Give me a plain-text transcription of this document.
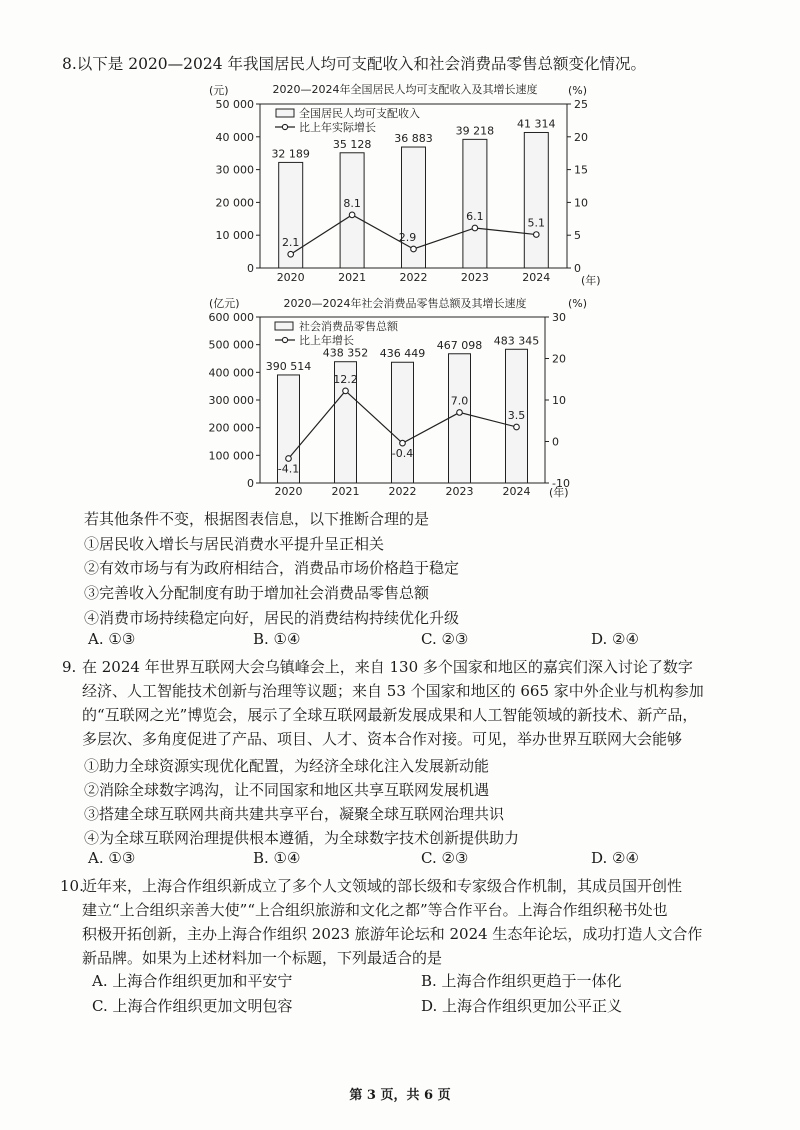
8.以下是 2020—2024 年我国居民人均可支配收入和社会消费品零售总额变化情况。
2020—2024年全国居民人均可支配收入及其增长速度
(元)	(%)
32 189
35 128 36 883
39 218
41 314
0
10 000
20 000
30 000
40 000
50 000
0
5
10
15
20
25
2020	2021	2022	2023	2024	(年)
全国居民人均可支配收入
比上年实际增长
2.1
8.1
2.9
6.1
5.1
2020—2024年社会消费品零售总额及其增长速度
(亿元)	(%)
390 514
438 352 436 449
467 098 483 345
0
100 000
200 000
300 000
400 000
500 000
600 000
-10
0
10
20
30
2020	2021	2022	2023	2024 (年)
社会消费品零售总额
比上年增长
-4.1
12.2
-0.4
7.0
3.5
若其他条件不变，根据图表信息，以下推断合理的是
①居民收入增长与居民消费水平提升呈正相关
②有效市场与有为政府相结合，消费品市场价格趋于稳定
③完善收入分配制度有助于增加社会消费品零售总额
④消费市场持续稳定向好，居民的消费结构持续优化升级
A. ①③	B. ①④	C. ②③	D. ②④
9. 在 2024 年世界互联网大会乌镇峰会上，来自 130 多个国家和地区的嘉宾们深入讨论了数字
经济、人工智能技术创新与治理等议题；来自 53 个国家和地区的 665 家中外企业与机构参加
的“互联网之光”博览会，展示了全球互联网最新发展成果和人工智能领域的新技术、新产品，
多层次、多角度促进了产品、项目、人才、资本合作对接。可见，举办世界互联网大会能够
①助力全球资源实现优化配置，为经济全球化注入发展新动能
②消除全球数字鸿沟，让不同国家和地区共享互联网发展机遇
③搭建全球互联网共商共建共享平台，凝聚全球互联网治理共识
④为全球互联网治理提供根本遵循，为全球数字技术创新提供助力
A. ①③	B. ①④	C. ②③	D. ②④
10.
近年来，上海合作组织新成立了多个人文领域的部长级和专家级合作机制，其成员国开创性
建立“上合组织亲善大使”“上合组织旅游和文化之都”等合作平台。上海合作组织秘书处也
积极开拓创新，主办上海合作组织 2023 旅游年论坛和 2024 生态年论坛，成功打造人文合作
新品牌。如果为上述材料加一个标题，下列最适合的是
A. 上海合作组织更加和平安宁	B. 上海合作组织更趋于一体化
C. 上海合作组织更加文明包容	D. 上海合作组织更加公平正义
第 3 页，共 6 页
